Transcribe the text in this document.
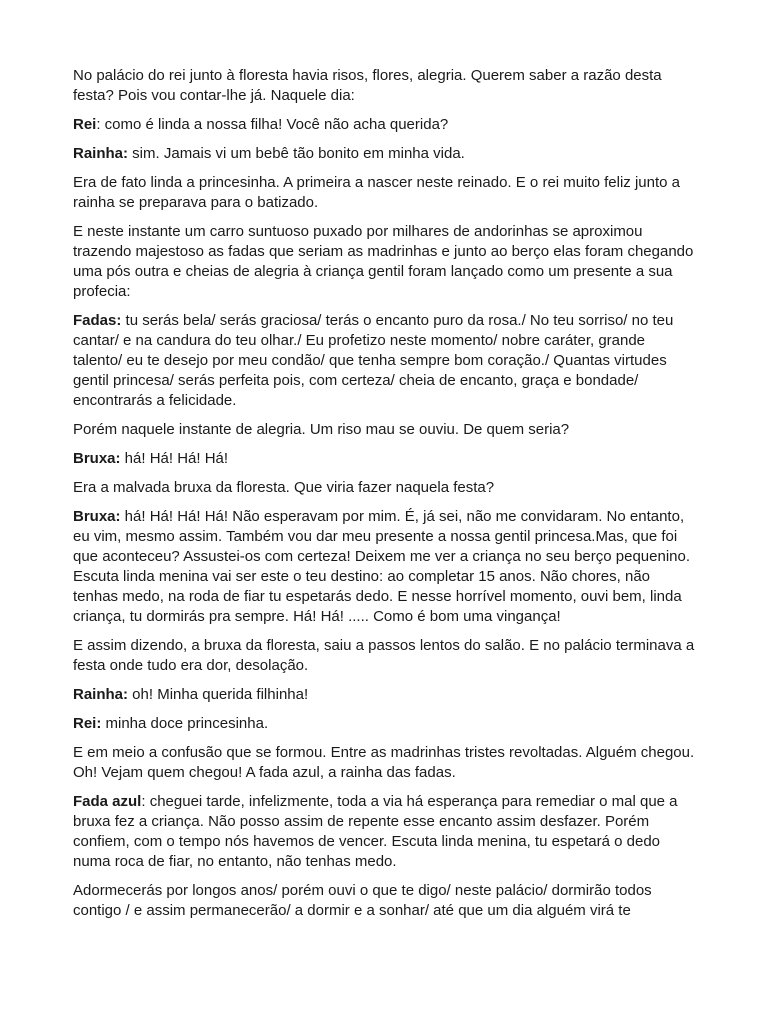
No palácio do rei junto à floresta havia risos, flores, alegria. Querem saber a razão desta festa? Pois vou contar-lhe já. Naquele dia:

Rei: como é linda a nossa filha! Você não acha querida?

Rainha: sim. Jamais vi um bebê tão bonito em minha vida.

Era de fato linda a princesinha. A primeira a nascer neste reinado. E o rei muito feliz junto a rainha se preparava para o batizado.

E neste instante um carro suntuoso puxado por milhares de andorinhas se aproximou trazendo majestoso as fadas que seriam as madrinhas e junto ao berço elas foram chegando uma pós outra e cheias de alegria à criança gentil foram lançado como um presente a sua profecia:

Fadas: tu serás bela/ serás graciosa/ terás o encanto puro da rosa./ No teu sorriso/ no teu cantar/ e na candura do teu olhar./ Eu profetizo neste momento/ nobre caráter, grande talento/ eu te desejo por meu condão/ que tenha sempre bom coração./ Quantas virtudes gentil princesa/ serás perfeita pois, com certeza/ cheia de encanto, graça e bondade/ encontrarás a felicidade.

Porém naquele instante de alegria. Um riso mau se ouviu. De quem seria?

Bruxa: há! Há! Há! Há!

Era a malvada bruxa da floresta. Que viria fazer naquela festa?

Bruxa: há! Há! Há! Há! Não esperavam por mim. É, já sei, não me convidaram. No entanto, eu vim, mesmo assim. Também vou dar meu presente a nossa gentil princesa.Mas, que foi que aconteceu? Assustei-os com certeza! Deixem me ver a criança no seu berço pequenino. Escuta linda menina vai ser este o teu destino: ao completar 15 anos. Não chores, não tenhas medo, na roda de fiar tu espetarás dedo. E nesse horrível momento, ouvi bem, linda criança, tu dormirás pra sempre. Há! Há! ..... Como é bom uma vingança!

E assim dizendo, a bruxa da floresta, saiu a passos lentos do salão. E no palácio terminava a festa onde tudo era dor, desolação.

Rainha: oh! Minha querida filhinha!

Rei: minha doce princesinha.

E em meio a confusão que se formou. Entre as madrinhas tristes revoltadas. Alguém chegou. Oh! Vejam quem chegou! A fada azul, a rainha das fadas.

Fada azul: cheguei tarde, infelizmente, toda a via há esperança para remediar o mal que a bruxa fez a criança. Não posso assim de repente esse encanto assim desfazer. Porém confiem, com o tempo nós havemos de vencer. Escuta linda menina, tu espetará o dedo numa roca de fiar, no entanto, não tenhas medo.

Adormecerás por longos anos/ porém ouvi o que te digo/ neste palácio/ dormirão todos contigo / e assim permanecerão/ a dormir e a sonhar/ até que um dia alguém virá te
